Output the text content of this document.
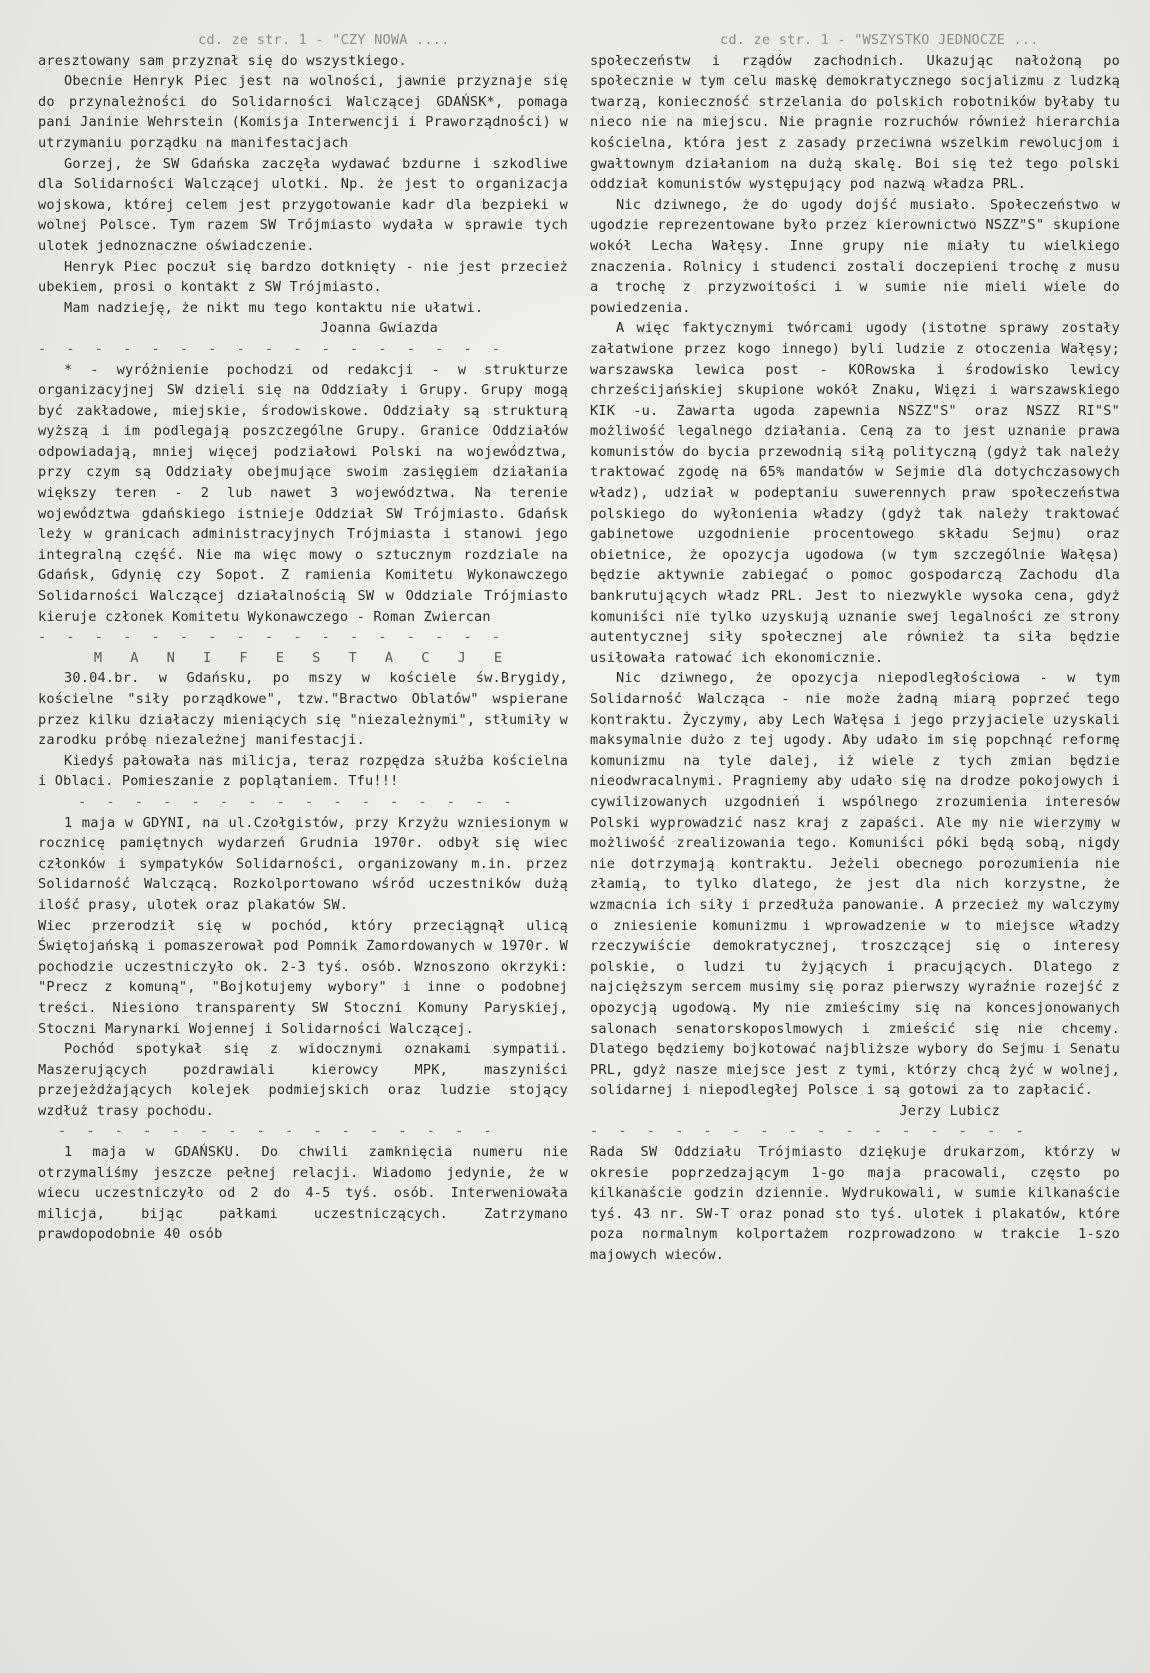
cd. ze str. 1 - "CZY NOWA ....

aresztowany sam przyznał się do wszystkiego.

Obecnie Henryk Piec jest na wolności, jawnie przyznaje się do przynależności do Solidarności Walczącej GDAŃSK*, pomaga pani Janinie Wehrstein (Komisja Interwencji i Praworządności) w utrzymaniu porządku na manifestacjach

Gorzej, że SW Gdańska zaczęła wydawać bzdurne i szkodliwe dla Solidarności Walczącej ulotki. Np. że jest to organizacja wojskowa, której celem jest przygotowanie kadr dla bezpieki w wolnej Polsce. Tym razem SW Trójmiasto wydała w sprawie tych ulotek jednoznaczne oświadczenie.

Henryk Piec poczuł się bardzo dotknięty - nie jest przecież ubekiem, prosi o kontakt z SW Trójmiasto.

Mam nadzieję, że nikt mu tego kontaktu nie ułatwi.

Joanna Gwiazda
- - - - - - - - - - - - - - - - -

* - wyróżnienie pochodzi od redakcji - w strukturze organizacyjnej SW dzieli się na Oddziały i Grupy. Grupy mogą być zakładowe, miejskie, środowiskowe. Oddziały są strukturą wyższą i im podlegają poszczególne Grupy. Granice Oddziałów odpowiadają, mniej więcej podziałowi Polski na województwa, przy czym są Oddziały obejmujące swoim zasięgiem działania większy teren - 2 lub nawet 3 województwa. Na terenie województwa gdańskiego istnieje Oddział SW Trójmiasto. Gdańsk leży w granicach administracyjnych Trójmiasta i stanowi jego integralną część. Nie ma więc mowy o sztucznym rozdziale na Gdańsk, Gdynię czy Sopot. Z ramienia Komitetu Wykonawczego Solidarności Walczącej działalnością SW w Oddziale Trójmiasto kieruje członek Komitetu Wykonawczego - Roman Zwiercan

- - - - - - - - - - - - - - - - -
M A N I F E S T A C J E

30.04.br. w Gdańsku, po mszy w kościele św.Brygidy, kościelne "siły porządkowe", tzw."Bractwo Oblatów" wspierane przez kilku działaczy mieniących się "niezależnymi", stłumiły w zarodku próbę niezależnej manifestacji.

Kiedyś pałowała nas milicja, teraz rozpędza służba kościelna i Oblaci. Pomieszanie z poplątaniem. Tfu!!!

- - - - - - - - - - - - - - - -

1 maja w GDYNI, na ul.Czołgistów, przy Krzyżu wzniesionym w rocznicę pamiętnych wydarzeń Grudnia 1970r. odbył się wiec członków i sympatyków Solidarności, organizowany m.in. przez Solidarność Walczącą. Rozkolportowano wśród uczestników dużą ilość prasy, ulotek oraz plakatów SW.

Wiec przerodził się w pochód, który przeciągnął ulicą Świętojańską i pomaszerował pod Pomnik Zamordowanych w 1970r. W pochodzie uczestniczyło ok. 2-3 tyś. osób. Wznoszono okrzyki: "Precz z komuną", "Bojkotujemy wybory" i inne o podobnej treści. Niesiono transparenty SW Stoczni Komuny Paryskiej, Stoczni Marynarki Wojennej i Solidarności Walczącej.

Pochód spotykał się z widocznymi oznakami sympatii. Maszerujących pozdrawiali kierowcy MPK, maszyniści przejeżdżających kolejek podmiejskich oraz ludzie stojący wzdłuż trasy pochodu.

- - - - - - - - - - - - - - - -

1 maja w GDAŃSKU. Do chwili zamknięcia numeru nie otrzymaliśmy jeszcze pełnej relacji. Wiadomo jedynie, że w wiecu uczestniczyło od 2 do 4-5 tyś. osób. Interweniowała milicja, bijąc pałkami uczestniczących. Zatrzymano prawdopodobnie 40 osób

cd. ze str. 1 - "WSZYSTKO JEDNOCZE ...

społeczeństw i rządów zachodnich. Ukazując nałożoną po społecznie w tym celu maskę demokratycznego socjalizmu z ludzką twarzą, konieczność strzelania do polskich robotników byłaby tu nieco nie na miejscu. Nie pragnie rozruchów również hierarchia kościelna, która jest z zasady przeciwna wszelkim rewolucjom i gwałtownym działaniom na dużą skalę. Boi się też tego polski oddział komunistów występujący pod nazwą władza PRL.

Nic dziwnego, że do ugody dojść musiało. Społeczeństwo w ugodzie reprezentowane było przez kierownictwo NSZZ"S" skupione wokół Lecha Wałęsy. Inne grupy nie miały tu wielkiego znaczenia. Rolnicy i studenci zostali doczepieni trochę z musu a trochę z przyzwoitości i w sumie nie mieli wiele do powiedzenia.

A więc faktycznymi twórcami ugody (istotne sprawy zostały załatwione przez kogo innego) byli ludzie z otoczenia Wałęsy; warszawska lewica post - KORowska i środowisko lewicy chrześcijańskiej skupione wokół Znaku, Więzi i warszawskiego KIK -u. Zawarta ugoda zapewnia NSZZ"S" oraz NSZZ RI"S" możliwość legalnego działania. Ceną za to jest uznanie prawa komunistów do bycia przewodnią siłą polityczną (gdyż tak należy traktować zgodę na 65% mandatów w Sejmie dla dotychczasowych władz), udział w podeptaniu suwerennych praw społeczeństwa polskiego do wyłonienia władzy (gdyż tak należy traktować gabinetowe uzgodnienie procentowego składu Sejmu) oraz obietnice, że opozycja ugodowa (w tym szczególnie Wałęsa) będzie aktywnie zabiegać o pomoc gospodarczą Zachodu dla bankrutujących władz PRL. Jest to niezwykle wysoka cena, gdyż komuniści nie tylko uzyskują uznanie swej legalności ze strony autentycznej siły społecznej ale również ta siła będzie usiłowała ratować ich ekonomicznie.

Nic dziwnego, że opozycja niepodległościowa - w tym Solidarność Walcząca - nie może żadną miarą poprzeć tego kontraktu. Życzymy, aby Lech Wałęsa i jego przyjaciele uzyskali maksymalnie dużo z tej ugody. Aby udało im się popchnąć reformę komunizmu na tyle dalej, iż wiele z tych zmian będzie nieodwracalnymi. Pragniemy aby udało się na drodze pokojowych i cywilizowanych uzgodnień i wspólnego zrozumienia interesów Polski wyprowadzić nasz kraj z zapaści. Ale my nie wierzymy w możliwość zrealizowania tego. Komuniści póki będą sobą, nigdy nie dotrzymają kontraktu. Jeżeli obecnego porozumienia nie złamią, to tylko dlatego, że jest dla nich korzystne, że wzmacnia ich siły i przedłuża panowanie. A przecież my walczymy o zniesienie komunizmu i wprowadzenie w to miejsce władzy rzeczywiście demokratycznej, troszczącej się o interesy polskie, o ludzi tu żyjących i pracujących. Dlatego z najcięższym sercem musimy się poraz pierwszy wyraźnie rozejść z opozycją ugodową. My nie zmieścimy się na koncesjonowanych salonach senatorskoposlmowych i zmieścić się nie chcemy. Dlatego będziemy bojkotować najbliższe wybory do Sejmu i Senatu PRL, gdyż nasze miejsce jest z tymi, którzy chcą żyć w wolnej, solidarnej i niepodległej Polsce i są gotowi za to zapłacić.

Jerzy Lubicz
- - - - - - - - - - - - - - - -

Rada SW Oddziału Trójmiasto dziękuje drukarzom, którzy w okresie poprzedzającym 1-go maja pracowali, często po kilkanaście godzin dziennie. Wydrukowali, w sumie kilkanaście tyś. 43 nr. SW-T oraz ponad sto tyś. ulotek i plakatów, które poza normalnym kolportażem rozprowadzono w trakcie 1-szo majowych wieców.
